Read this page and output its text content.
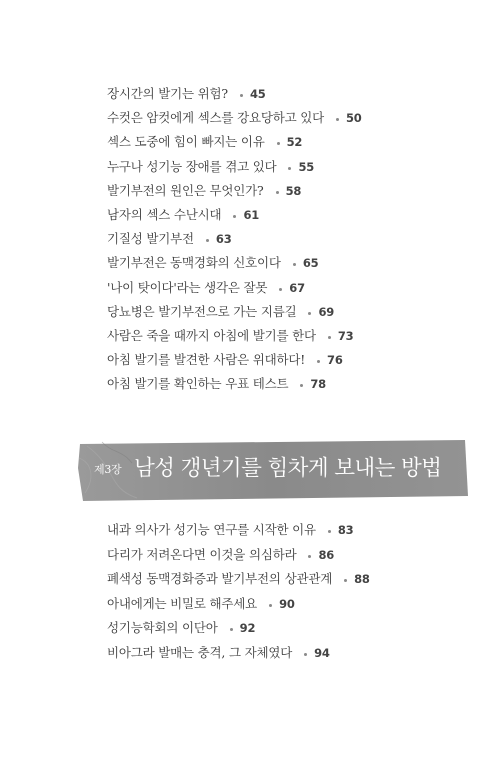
장시간의 발기는 위험? 45
수컷은 암컷에게 섹스를 강요당하고 있다 50
섹스 도중에 힘이 빠지는 이유 52
누구나 성기능 장애를 겪고 있다 55
발기부전의 원인은 무엇인가? 58
남자의 섹스 수난시대 61
기질성 발기부전 63
발기부전은 동맥경화의 신호이다 65
'나이 탓이다'라는 생각은 잘못 67
당뇨병은 발기부전으로 가는 지름길 69
사람은 죽을 때까지 아침에 발기를 한다 73
아침 발기를 발견한 사람은 위대하다! 76
아침 발기를 확인하는 우표 테스트 78
제3장 남성 갱년기를 힘차게 보내는 방법
내과 의사가 성기능 연구를 시작한 이유 83
다리가 저려온다면 이것을 의심하라 86
폐색성 동맥경화증과 발기부전의 상관관계 88
아내에게는 비밀로 해주세요 90
성기능학회의 이단아 92
비아그라 발매는 충격, 그 자체였다 94
